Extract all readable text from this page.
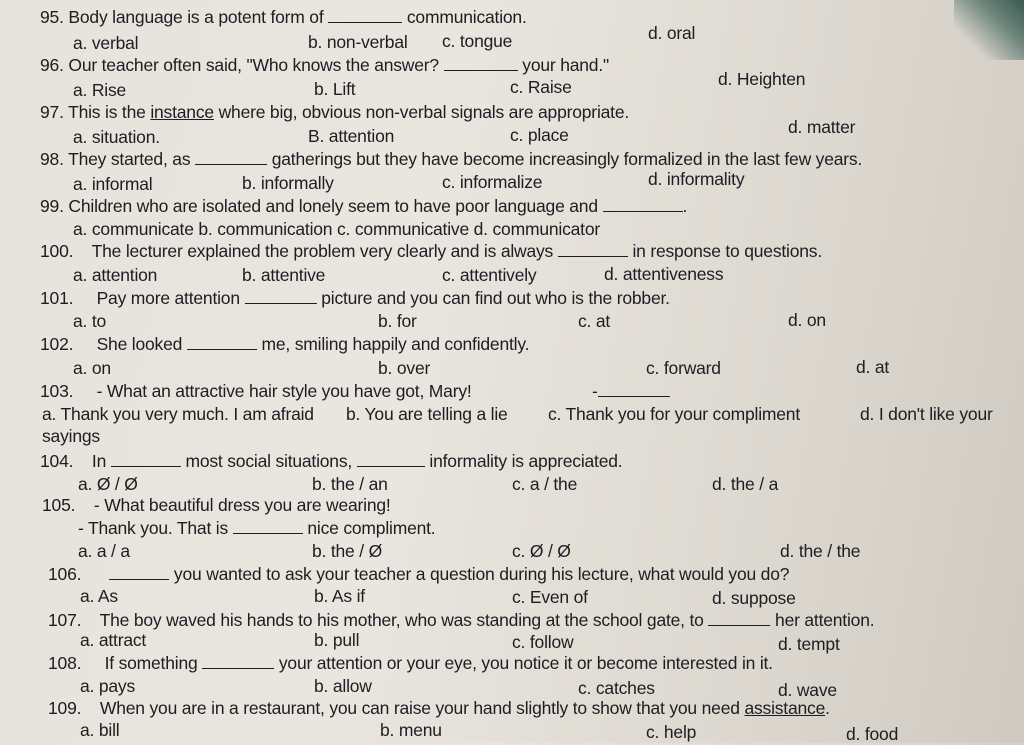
95. Body language is a potent form of	communication.
a. verbal	b. non-verbal c. tongue	d. oral
96. Our teacher often said, "Who knows the answer?	your hand."
a. Rise	b. Lift	c. Raise	d. Heighten
97. This is the instance where big, obvious non-verbal signals are appropriate.
a. situation.	B. attention	c. place	d. matter
98. They started, as	gatherings but they have become increasingly formalized in the last few years.
a. informal	b. informally	c. informalize	d. informality
99. Children who are isolated and lonely seem to have poor language and	.
a. communicate b. communication c. communicative d. communicator
100. The lecturer explained the problem very clearly and is always	in response to questions.
a. attention	b. attentive	c. attentively	d. attentiveness
101. Pay more attention	picture and you can find out who is the robber.
a. to	b. for	c. at	d. on
102. She looked	me, smiling happily and confidently.
a. on	b. over	c. forward	d. at
103. - What an attractive hair style you have got, Mary!	-
a. Thank you very much. I am afraid b. You are telling a lie c. Thank you for your compliment	d. I don't like your
sayings
104. In	most social situations,	informality is appreciated.
a. Ø / Ø	b. the / an	c. a / the	d. the / a
105. - What beautiful dress you are wearing!
- Thank you. That is	nice compliment.
a. a / a	b. the / Ø	c. Ø / Ø	d. the / the
106.	you wanted to ask your teacher a question during his lecture, what would you do?
a. As	b. As if	c. Even of	d. suppose
107. The boy waved his hands to his mother, who was standing at the school gate, to	her attention.
a. attract	b. pull	c. follow	d. tempt
108. If something	your attention or your eye, you notice it or become interested in it.
a. pays	b. allow	c. catches	d. wave
109. When you are in a restaurant, you can raise your hand slightly to show that you need assistance.
a. bill	b. menu	c. help	d. food
